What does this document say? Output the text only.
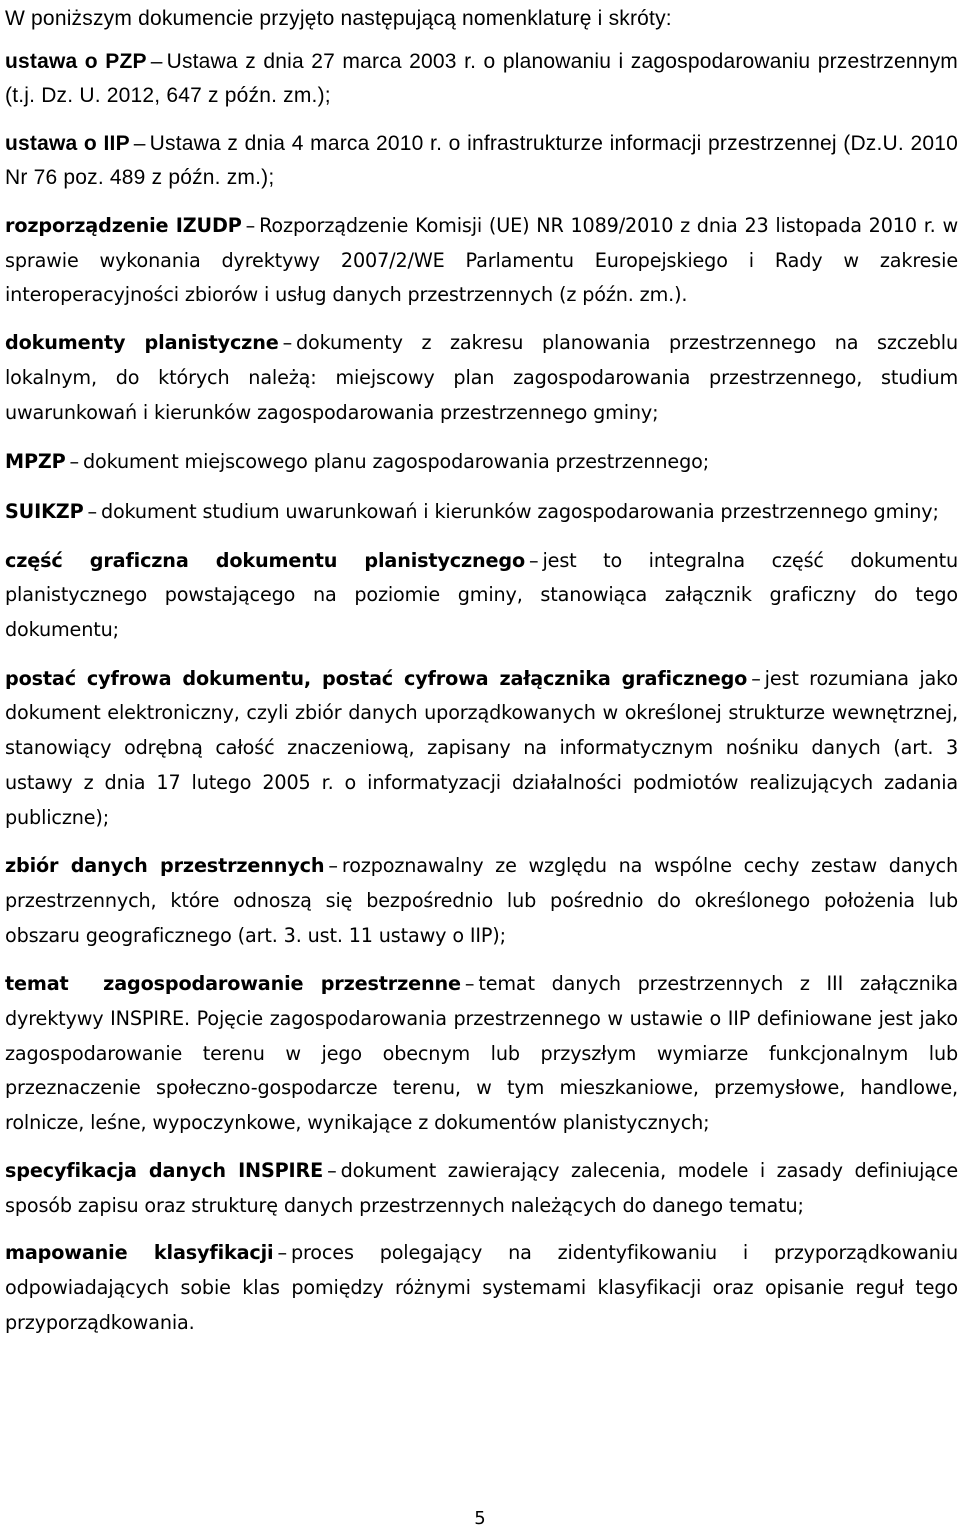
W poniższym dokumencie przyjęto następującą nomenklaturę i skróty:

ustawa o PZP – Ustawa z dnia 27 marca 2003 r. o planowaniu i zagospodarowaniu przestrzennym (t.j. Dz. U. 2012, 647 z późn. zm.);

ustawa o IIP – Ustawa z dnia 4 marca 2010 r. o infrastrukturze informacji przestrzennej (Dz.U. 2010 Nr 76 poz. 489 z późn. zm.);

rozporządzenie IZUDP – Rozporządzenie Komisji (UE) NR 1089/2010 z dnia 23 listopada 2010 r. w sprawie wykonania dyrektywy 2007/2/WE Parlamentu Europejskiego i Rady w zakresie interoperacyjności zbiorów i usług danych przestrzennych (z późn. zm.).

dokumenty planistyczne – dokumenty z zakresu planowania przestrzennego na szczeblu lokalnym, do których należą: miejscowy plan zagospodarowania przestrzennego, studium uwarunkowań i kierunków zagospodarowania przestrzennego gminy;

MPZP – dokument miejscowego planu zagospodarowania przestrzennego;

SUIKZP – dokument studium uwarunkowań i kierunków zagospodarowania przestrzennego gminy;

część graficzna dokumentu planistycznego – jest to integralna część dokumentu planistycznego powstającego na poziomie gminy, stanowiąca załącznik graficzny do tego dokumentu;

postać cyfrowa dokumentu, postać cyfrowa załącznika graficznego – jest rozumiana jako dokument elektroniczny, czyli zbiór danych uporządkowanych w określonej strukturze wewnętrznej, stanowiący odrębną całość znaczeniową, zapisany na informatycznym nośniku danych (art. 3 ustawy z dnia 17 lutego 2005 r. o informatyzacji działalności podmiotów realizujących zadania publiczne);

zbiór danych przestrzennych – rozpoznawalny ze względu na wspólne cechy zestaw danych przestrzennych, które odnoszą się bezpośrednio lub pośrednio do określonego położenia lub obszaru geograficznego (art. 3. ust. 11 ustawy o IIP);

temat  zagospodarowanie przestrzenne – temat danych przestrzennych z III załącznika dyrektywy INSPIRE. Pojęcie zagospodarowania przestrzennego w ustawie o IIP definiowane jest jako zagospodarowanie terenu w jego obecnym lub przyszłym wymiarze funkcjonalnym lub przeznaczenie społeczno-gospodarcze terenu, w tym mieszkaniowe, przemysłowe, handlowe, rolnicze, leśne, wypoczynkowe, wynikające z dokumentów planistycznych;

specyfikacja danych INSPIRE – dokument zawierający zalecenia, modele i zasady definiujące sposób zapisu oraz strukturę danych przestrzennych należących do danego tematu;

mapowanie klasyfikacji – proces polegający na zidentyfikowaniu i przyporządkowaniu odpowiadających sobie klas pomiędzy różnymi systemami klasyfikacji oraz opisanie reguł tego przyporządkowania.

5
